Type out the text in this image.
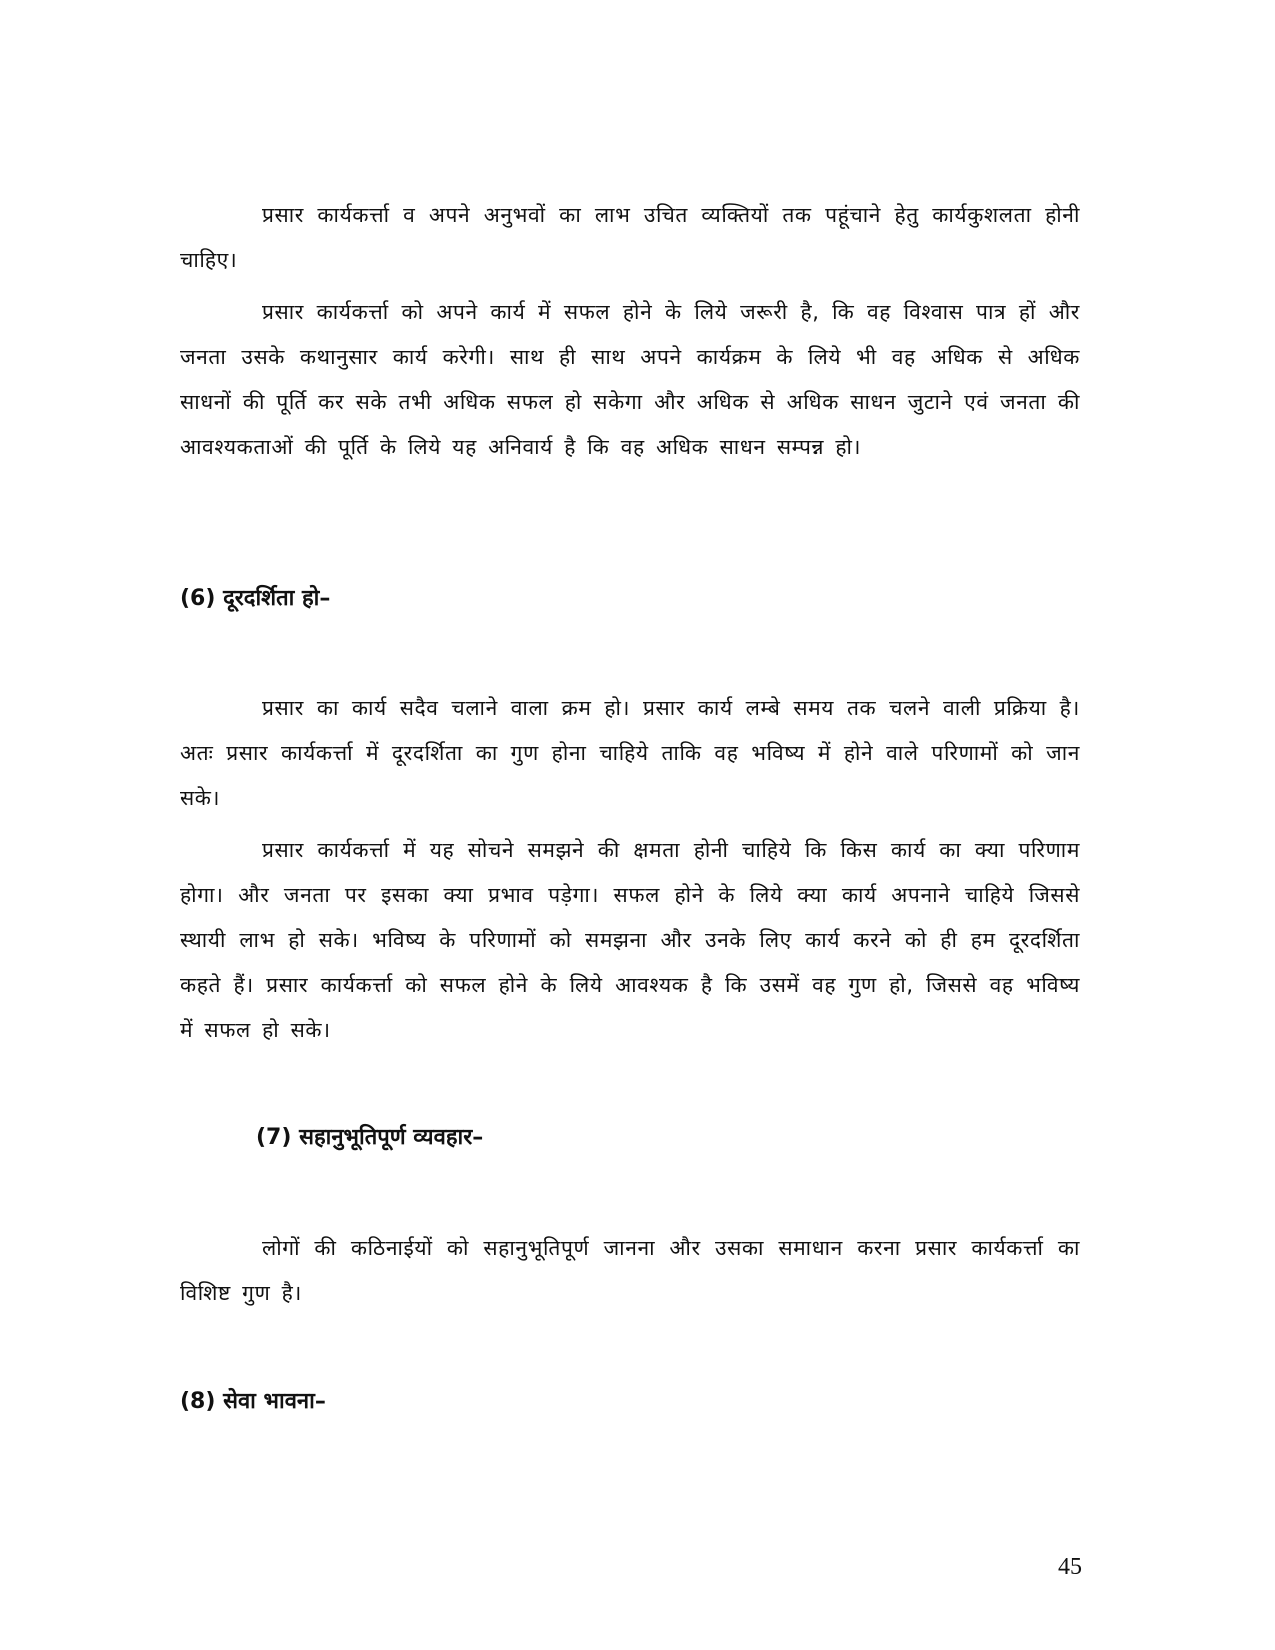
प्रसार कार्यकर्त्ता व अपने अनुभवों का लाभ उचित व्यक्तियों तक पहूंचाने हेतु कार्यकुशलता होनी चाहिए।

प्रसार कार्यकर्त्ता को अपने कार्य में सफल होने के लिये जरूरी है, कि वह विश्वास पात्र हों और जनता उसके कथानुसार कार्य करेगी। साथ ही साथ अपने कार्यक्रम के लिये भी वह अधिक से अधिक साधनों की पूर्ति कर सके तभी अधिक सफल हो सकेगा और अधिक से अधिक साधन जुटाने एवं जनता की आवश्यकताओं की पूर्ति के लिये यह अनिवार्य है कि वह अधिक साधन सम्पन्न हो।

(6) दूरदर्शिता हो–

प्रसार का कार्य सदैव चलाने वाला क्रम हो। प्रसार कार्य लम्बे समय तक चलने वाली प्रक्रिया है। अतः प्रसार कार्यकर्त्ता में दूरदर्शिता का गुण होना चाहिये ताकि वह भविष्य में होने वाले परिणामों को जान सके।

प्रसार कार्यकर्त्ता में यह सोचने समझने की क्षमता होनी चाहिये कि किस कार्य का क्या परिणाम होगा। और जनता पर इसका क्या प्रभाव पड़ेगा। सफल होने के लिये क्या कार्य अपनाने चाहिये जिससे स्थायी लाभ हो सके। भविष्य के परिणामों को समझना और उनके लिए कार्य करने को ही हम दूरदर्शिता कहते हैं। प्रसार कार्यकर्त्ता को सफल होने के लिये आवश्यक है कि उसमें वह गुण हो, जिससे वह भविष्य में सफल हो सके।

(7) सहानुभूतिपूर्ण व्यवहार–

लोगों की कठिनाईयों को सहानुभूतिपूर्ण जानना और उसका समाधान करना प्रसार कार्यकर्त्ता का विशिष्ट गुण है।

(8) सेवा भावना–
45
